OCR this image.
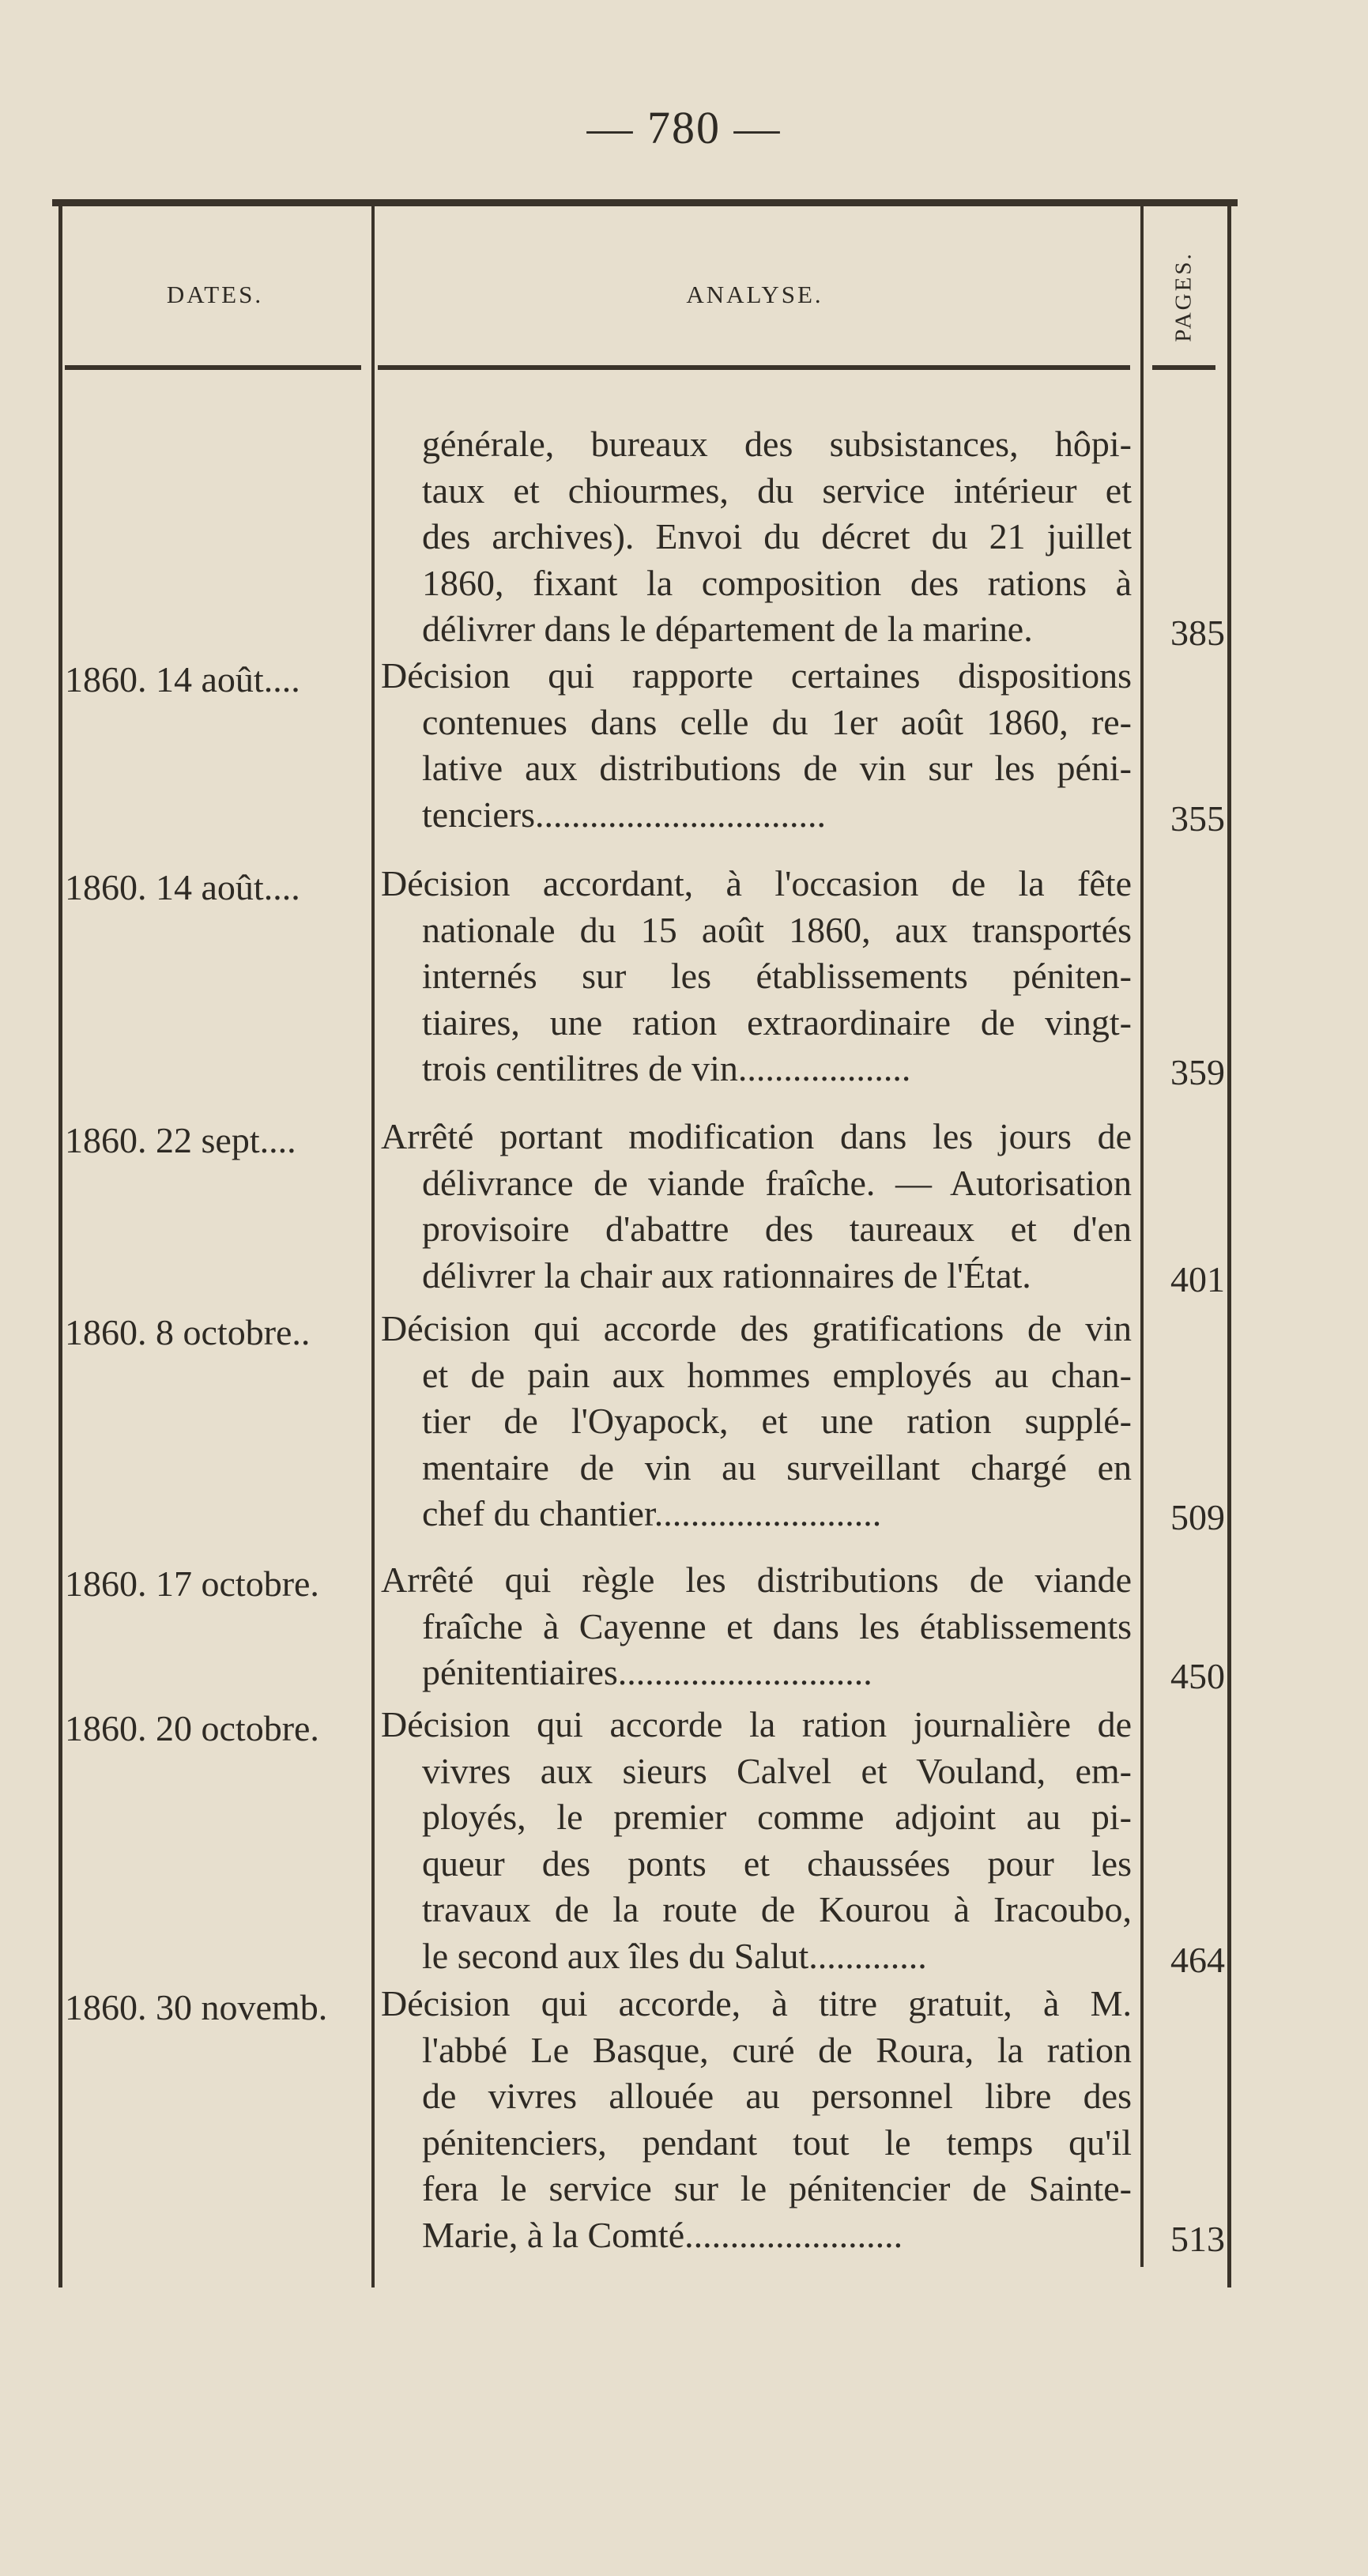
— 780 —
DATES.	ANALYSE.	PAGES.
générale, bureaux des subsistances, hôpi-
taux et chiourmes, du service intérieur et
des archives). Envoi du décret du 21 juillet
1860, fixant la composition des rations à
délivrer dans le département de la marine.	385
1860. 14 août....	Décision qui rapporte certaines dispositions
contenues dans celle du 1er août 1860, re-
lative aux distributions de vin sur les péni-
tenciers................................	355
1860. 14 août....	Décision accordant, à l'occasion de la fête
nationale du 15 août 1860, aux transportés
internés sur les établissements péniten-
tiaires, une ration extraordinaire de vingt-
trois centilitres de vin...................	359
1860. 22 sept....	Arrêté portant modification dans les jours de
délivrance de viande fraîche. — Autorisation
provisoire d'abattre des taureaux et d'en
délivrer la chair aux rationnaires de l'État.	401
1860. 8 octobre..	Décision qui accorde des gratifications de vin
et de pain aux hommes employés au chan-
tier de l'Oyapock, et une ration supplé-
mentaire de vin au surveillant chargé en
chef du chantier.........................	509
1860. 17 octobre.	Arrêté qui règle les distributions de viande
fraîche à Cayenne et dans les établissements
pénitentiaires............................	450
1860. 20 octobre.	Décision qui accorde la ration journalière de
vivres aux sieurs Calvel et Vouland, em-
ployés, le premier comme adjoint au pi-
queur des ponts et chaussées pour les
travaux de la route de Kourou à Iracoubo,
le second aux îles du Salut.............	464
1860. 30 novemb.	Décision qui accorde, à titre gratuit, à M.
l'abbé Le Basque, curé de Roura, la ration
de vivres allouée au personnel libre des
pénitenciers, pendant tout le temps qu'il
fera le service sur le pénitencier de Sainte-
Marie, à la Comté........................	513
